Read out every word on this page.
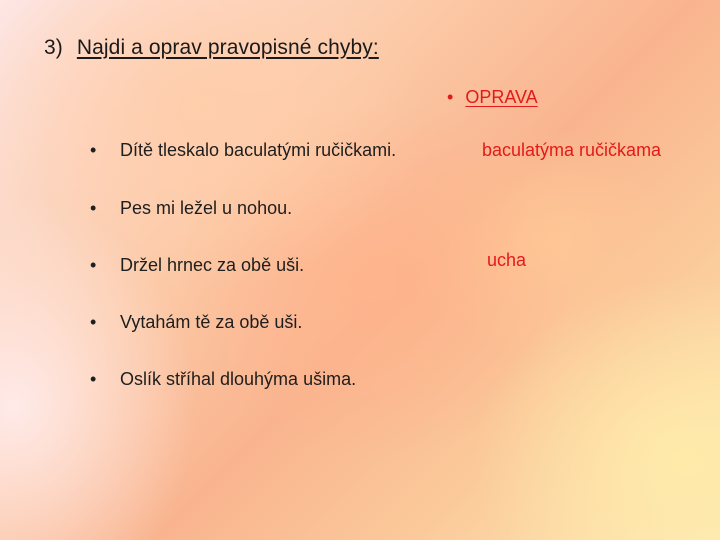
3) Najdi a oprav pravopisné chyby:
• OPRAVA
• Dítě tleskalo baculatými ručičkami.
• Pes mi ležel u nohou.
• Držel hrnec za obě uši.
• Vytahám tě za obě uši.
• Oslík stříhal dlouhýma ušima.
baculatýma ručičkama
ucha
